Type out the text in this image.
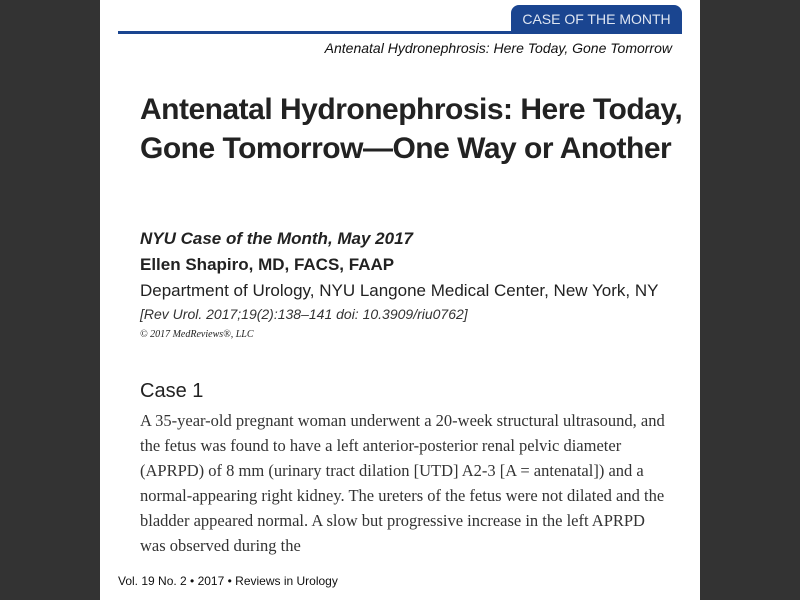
CASE OF THE MONTH
Antenatal Hydronephrosis: Here Today, Gone Tomorrow
Antenatal Hydronephrosis: Here Today, Gone Tomorrow—One Way or Another
NYU Case of the Month, May 2017
Ellen Shapiro, MD, FACS, FAAP
Department of Urology, NYU Langone Medical Center, New York, NY
[Rev Urol. 2017;19(2):138–141 doi: 10.3909/riu0762]
© 2017 MedReviews®, LLC
Case 1
A 35-year-old pregnant woman underwent a 20-week structural ultrasound, and the fetus was found to have a left anterior-posterior renal pelvic diameter (APRPD) of 8 mm (urinary tract dilation [UTD] A2-3 [A = antenatal]) and a normal-appearing right kidney. The ureters of the fetus were not dilated and the bladder appeared normal. A slow but progressive increase in the left APRPD was observed during the
Vol. 19 No. 2 • 2017 • Reviews in Urology
